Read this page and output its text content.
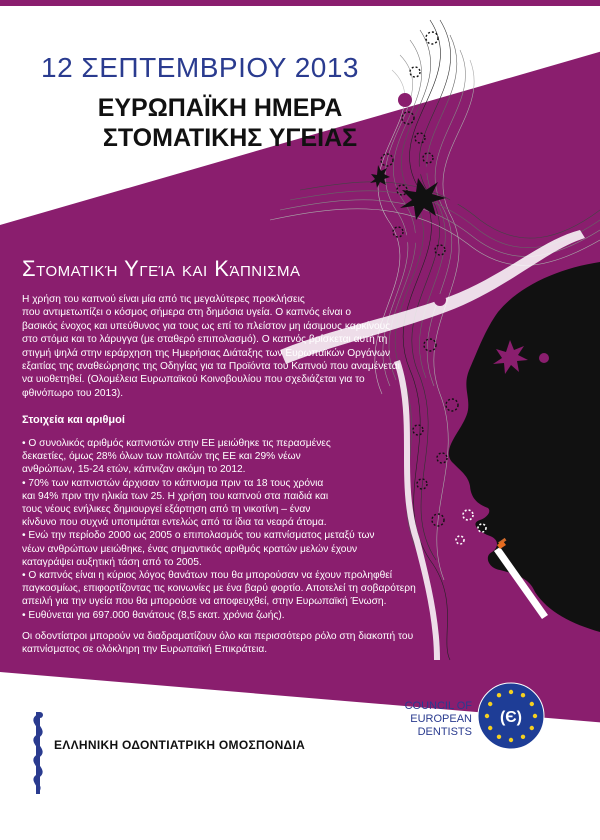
12 ΣΕΠΤΕΜΒΡΙΟΥ 2013
ΕΥΡΩΠΑΪΚΗ ΗΜΕΡΑ
ΣΤΟΜΑΤΙΚΗΣ ΥΓΕΙΑΣ
Στοματική Υγεία και Κάπνισμα
Η χρήση του καπνού είναι μία από τις μεγαλύτερες προκλήσεις
που αντιμετωπίζει ο κόσμος σήμερα στη δημόσια υγεία. Ο καπνός είναι ο
βασικός ένοχος και υπεύθυνος για τους ως επί το πλείστον μη ιάσιμους καρκίνους
στο στόμα και το λάρυγγα (με σταθερό επιπολασμό). Ο καπνός βρίσκεται αυτή τη
στιγμή ψηλά στην ιεράρχηση της Ημερήσιας Διάταξης των Ευρωπαϊκών Οργάνων
εξαιτίας της αναθεώρησης της Οδηγίας για τα Προϊόντα του Καπνού που αναμένεται
να υιοθετηθεί. (Ολομέλεια Ευρωπαϊκού Κοινοβουλίου που σχεδιάζεται για το
φθινόπωρο του 2013).
Στοιχεία και αριθμοί
• Ο συνολικός αριθμός καπνιστών στην ΕΕ μειώθηκε τις περασμένες
δεκαετίες, όμως 28% όλων των πολιτών της ΕΕ και 29% νέων
ανθρώπων, 15-24 ετών, κάπνιζαν ακόμη το 2012.
• 70% των καπνιστών άρχισαν το κάπνισμα πριν τα 18 τους χρόνια
και 94% πριν την ηλικία των 25. Η χρήση του καπνού στα παιδιά και
τους νέους ενήλικες δημιουργεί εξάρτηση από τη νικοτίνη – έναν
κίνδυνο που συχνά υποτιμάται εντελώς από τα ίδια τα νεαρά άτομα.
• Ενώ την περίοδο 2000 ως 2005 ο επιπολασμός του καπνίσματος μεταξύ των
νέων ανθρώπων μειώθηκε, ένας σημαντικός αριθμός κρατών μελών έχουν
καταγράψει αυξητική τάση από το 2005.
• Ο καπνός είναι η κύριος λόγος θανάτων που θα μπορούσαν να έχουν προληφθεί
παγκοσμίως, επιφορτίζοντας τις κοινωνίες με ένα βαρύ φορτίο. Αποτελεί τη σοβαρότερη
απειλή για την υγεία που θα μπορούσε να αποφευχθεί, στην Ευρωπαϊκή Ένωση.
• Ευθύνεται για 697.000 θανάτους (8,5 εκατ. χρόνια ζωής).
Οι οδοντίατροι μπορούν να διαδραματίζουν όλο και περισσότερο ρόλο στη διακοπή του
καπνίσματος σε ολόκληρη την Ευρωπαϊκή Επικράτεια.
COUNCIL OF
EUROPEAN DENTISTS
(Є)
ΕΛΛΗΝΙΚΗ ΟΔΟΝΤΙΑΤΡΙΚΗ ΟΜΟΣΠΟΝΔΙΑ
